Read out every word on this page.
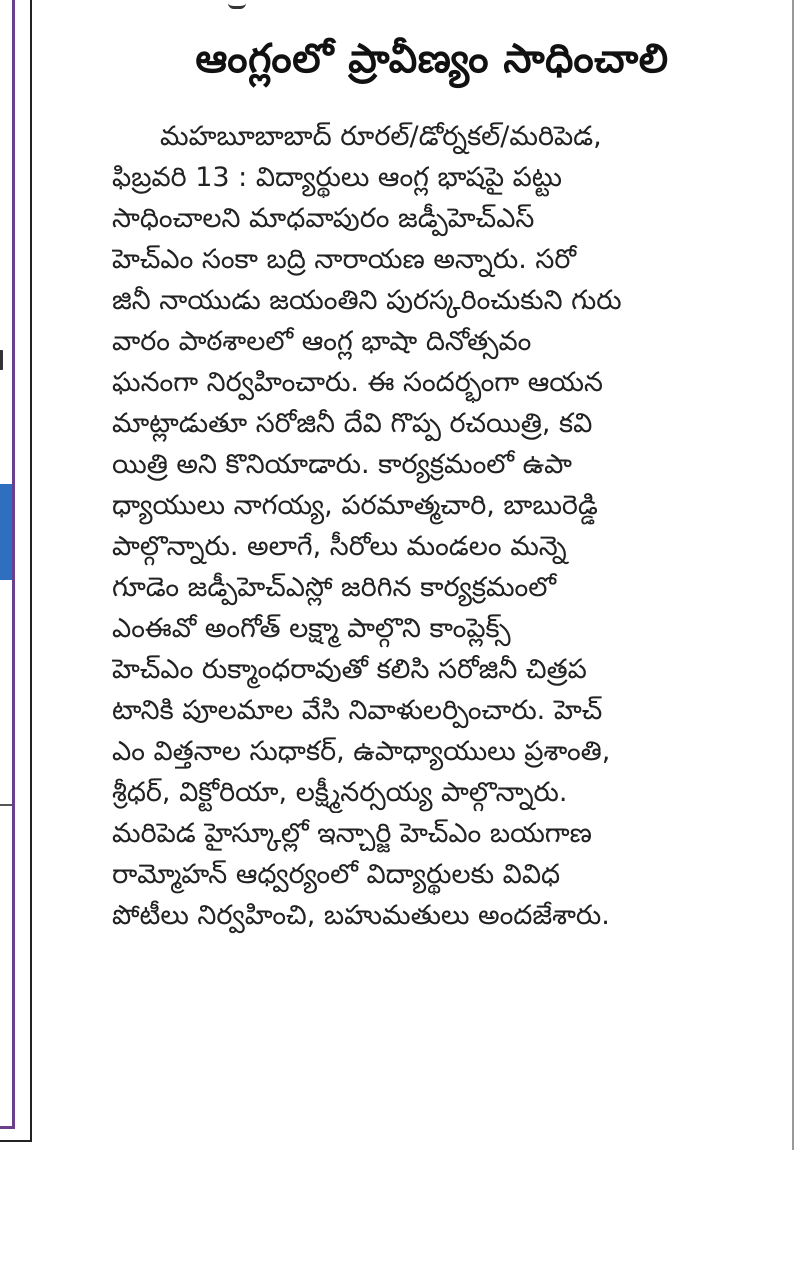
ఆంగ్లంలో ప్రావీణ్యం సాధించాలి
మహబూబాబాద్ రూరల్/డోర్నకల్/మరిపెడ,
ఫిబ్రవరి 13 : విద్యార్థులు ఆంగ్ల భాషపై పట్టు
సాధించాలని మాధవాపురం జడ్పీహెచ్ఎస్
హెచ్ఎం సంకా బద్రి నారాయణ అన్నారు. సరో
జినీ నాయుడు జయంతిని పురస్కరించుకుని గురు
వారం పాఠశాలలో ఆంగ్ల భాషా దినోత్సవం
ఘనంగా నిర్వహించారు. ఈ సందర్భంగా ఆయన
మాట్లాడుతూ సరోజినీ దేవి గొప్ప రచయిత్రి, కవి
యిత్రి అని కొనియాడారు. కార్యక్రమంలో ఉపా
ధ్యాయులు నాగయ్య, పరమాత్మచారి, బాబురెడ్డి
పాల్గొన్నారు. అలాగే, సీరోలు మండలం మన్నె
గూడెం జడ్పీహెచ్ఎస్లో జరిగిన కార్యక్రమంలో
ఎంఈవో అంగోత్ లక్ష్మా పాల్గొని కాంప్లెక్స్
హెచ్ఎం రుక్మాంధరావుతో కలిసి సరోజినీ చిత్రప
టానికి పూలమాల వేసి నివాళులర్పించారు. హెచ్
ఎం విత్తనాల సుధాకర్, ఉపాధ్యాయులు ప్రశాంతి,
శ్రీధర్, విక్టోరియా, లక్ష్మీనర్సయ్య పాల్గొన్నారు.
మరిపెడ హైస్కూల్లో ఇన్చార్జి హెచ్ఎం బయగాణ
రామ్మోహన్ ఆధ్వర్యంలో విద్యార్థులకు వివిధ
పోటీలు నిర్వహించి, బహుమతులు అందజేశారు.
